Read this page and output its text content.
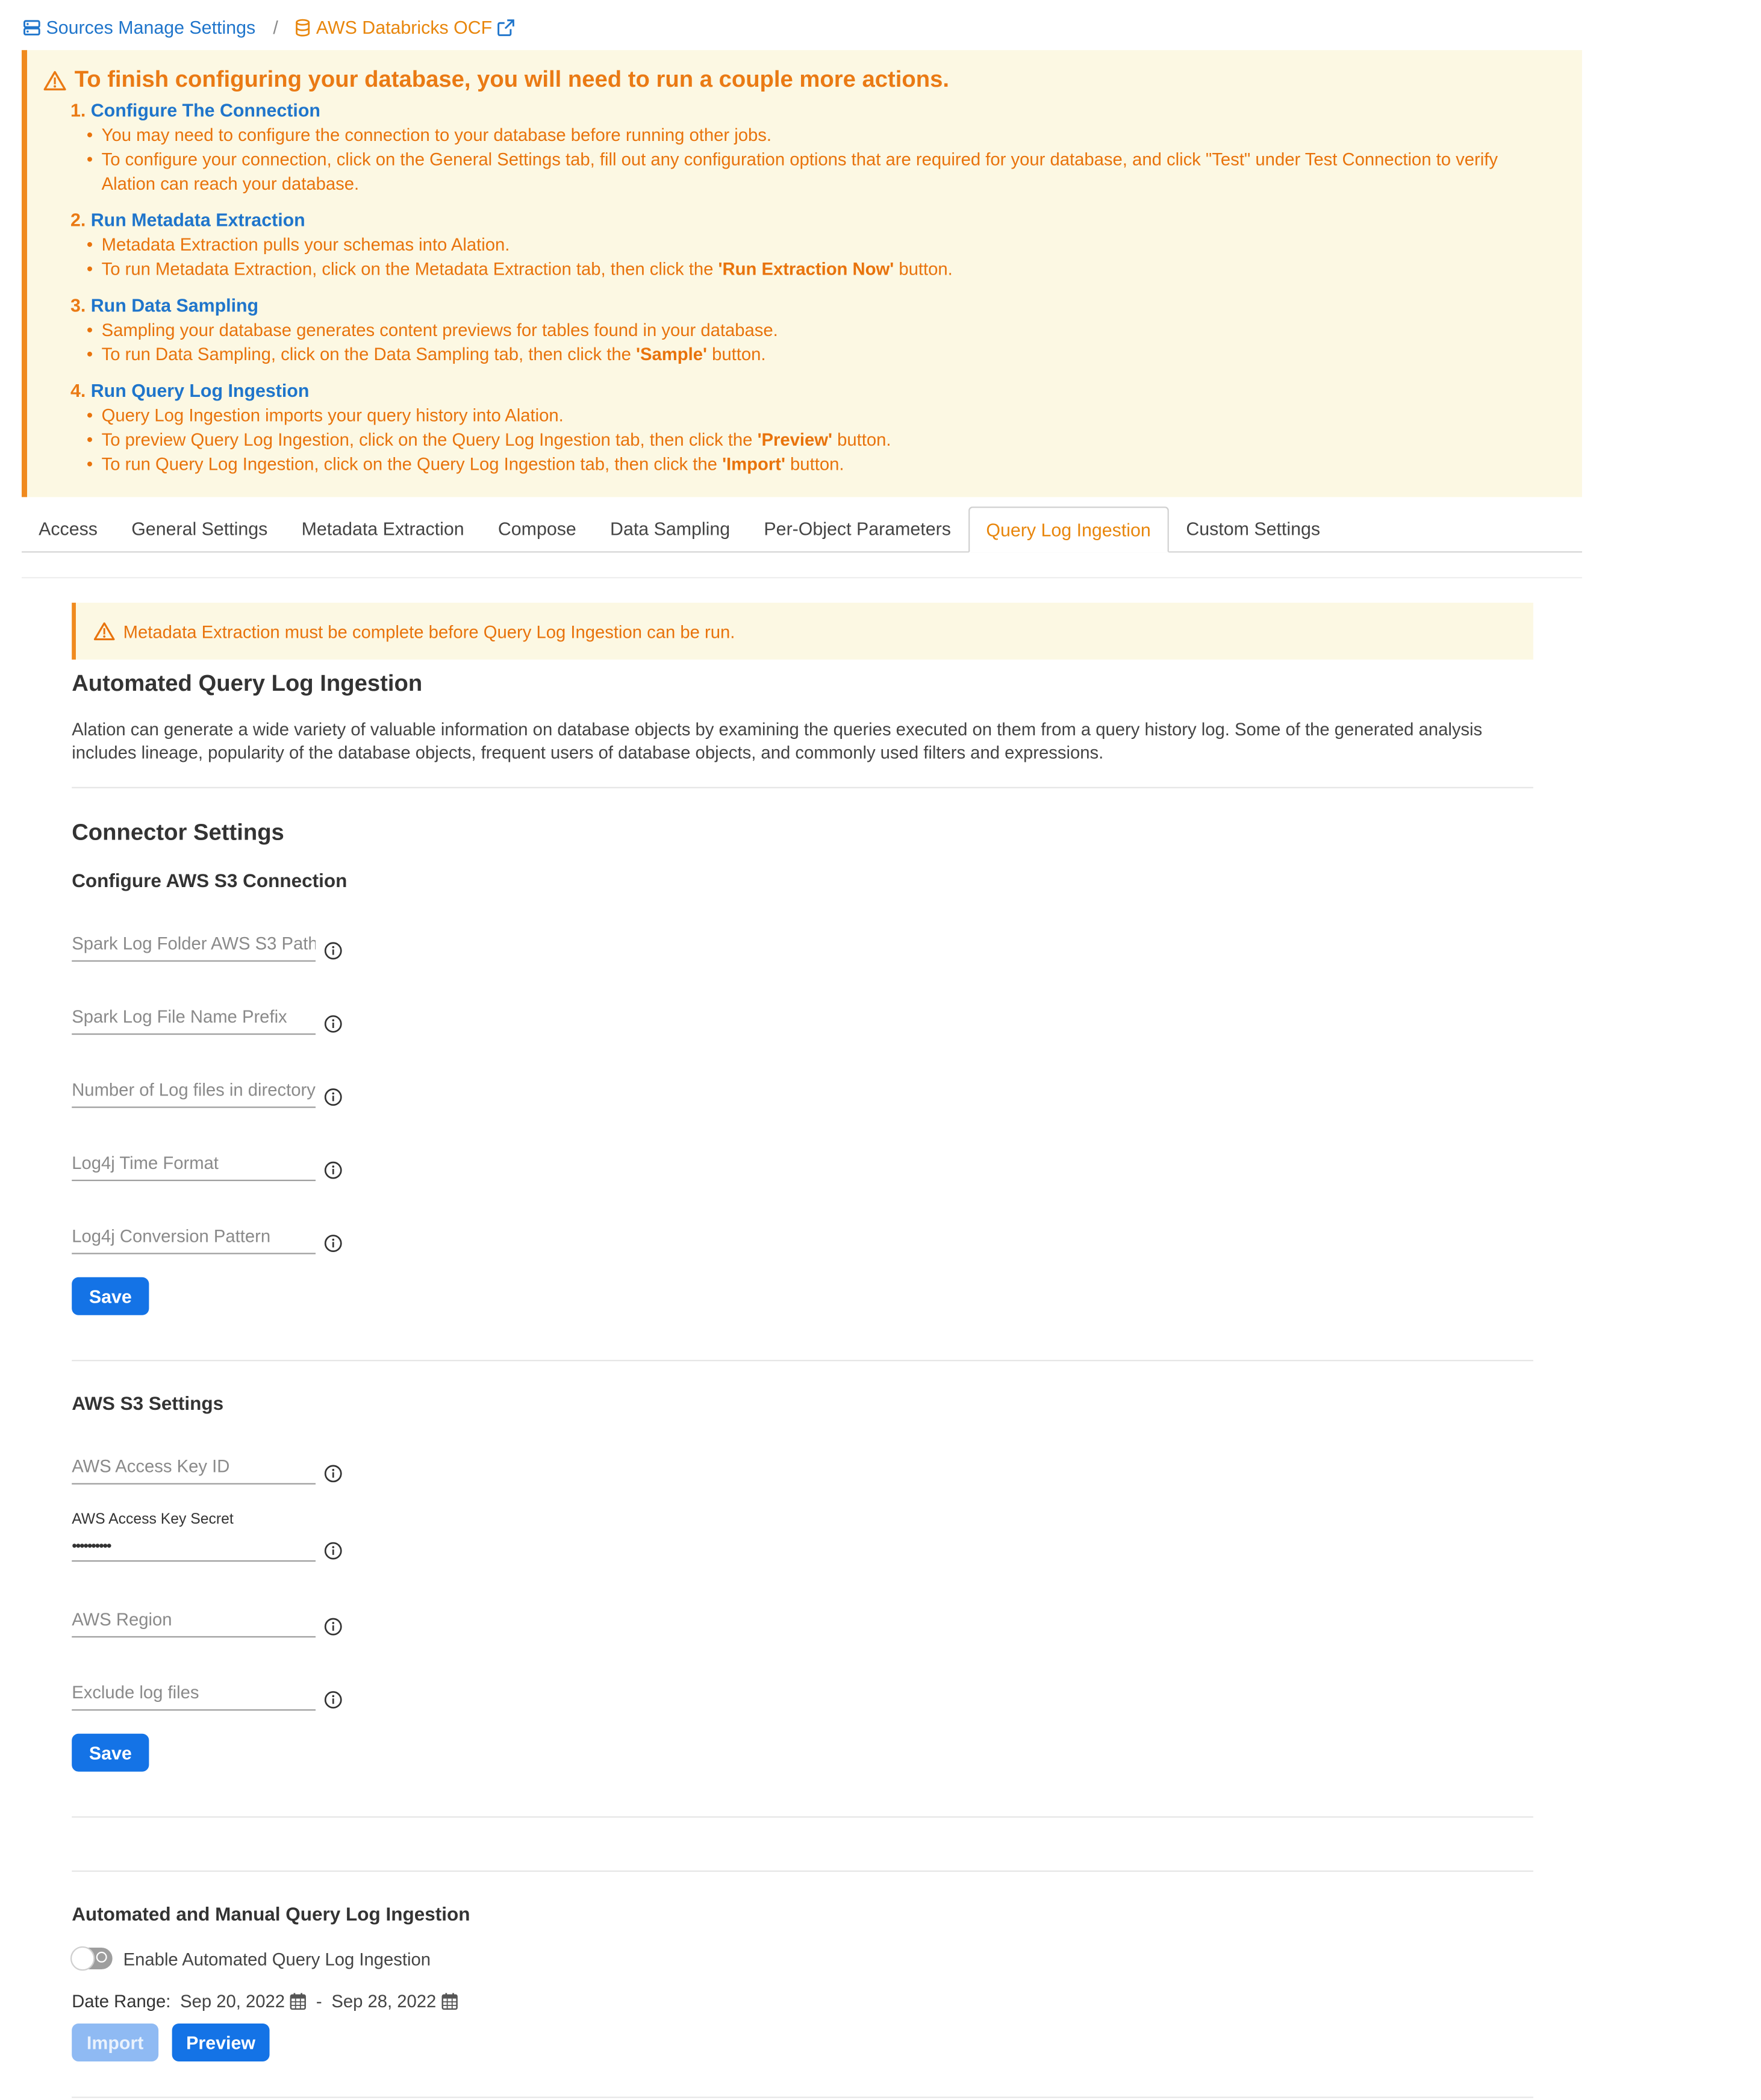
Sources Manage Settings /	AWS Databricks OCF
To finish configuring your database, you will need to run a couple more actions.
1. Configure The Connection
• You may need to configure the connection to your database before running other jobs.
• To configure your connection, click on the General Settings tab, fill out any configuration options that are required for your database, and click "Test" under Test Connection to verify Alation can reach your database.
2. Run Metadata Extraction
• Metadata Extraction pulls your schemas into Alation.
• To run Metadata Extraction, click on the Metadata Extraction tab, then click the 'Run Extraction Now' button.
3. Run Data Sampling
• Sampling your database generates content previews for tables found in your database.
• To run Data Sampling, click on the Data Sampling tab, then click the 'Sample' button.
4. Run Query Log Ingestion
• Query Log Ingestion imports your query history into Alation.
• To preview Query Log Ingestion, click on the Query Log Ingestion tab, then click the 'Preview' button.
• To run Query Log Ingestion, click on the Query Log Ingestion tab, then click the 'Import' button.
Access	General Settings	Metadata Extraction	Compose	Data Sampling	Per-Object Parameters	Query Log Ingestion	Custom Settings
Metadata Extraction must be complete before Query Log Ingestion can be run.
Automated Query Log Ingestion
Alation can generate a wide variety of valuable information on database objects by examining the queries executed on them from a query history log. Some of the generated analysis includes lineage, popularity of the database objects, frequent users of database objects, and commonly used filters and expressions.
Connector Settings
Configure AWS S3 Connection
Spark Log Folder AWS S3 Path
Spark Log File Name Prefix
Number of Log files in directory
Log4j Time Format
Log4j Conversion Pattern
Save
AWS S3 Settings
AWS Access Key ID
AWS Access Key Secret
••••••••••
AWS Region
Exclude log files
Save
Automated and Manual Query Log Ingestion
Enable Automated Query Log Ingestion
Date Range: Sep 20, 2022	- Sep 28, 2022
Import	Preview
